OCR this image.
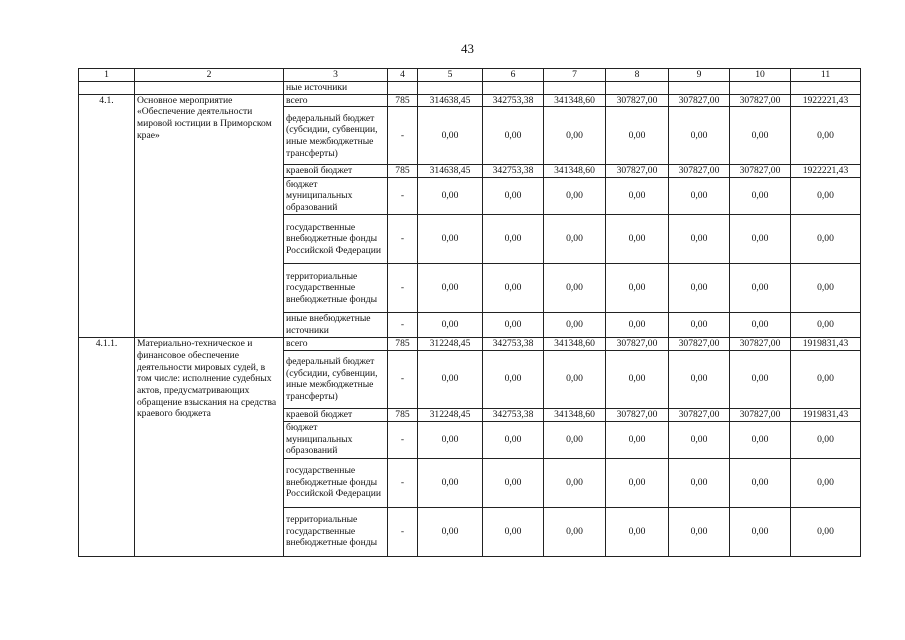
43
1	2	3	4	5	6	7	8	9	10	11
		ные источники								
4.1.	Основное мероприятие «Обеспечение деятельности мировой юстиции в Приморском крае»	всего	785	314638,45	342753,38	341348,60	307827,00	307827,00	307827,00	1922221,43
		федеральный бюджет (субсидии, субвенции, иные межбюджетные трансферты)	-	0,00	0,00	0,00	0,00	0,00	0,00	0,00
		краевой бюджет	785	314638,45	342753,38	341348,60	307827,00	307827,00	307827,00	1922221,43
		бюджет муниципальных образований	-	0,00	0,00	0,00	0,00	0,00	0,00	0,00
		государственные внебюджетные фонды Российской Федерации	-	0,00	0,00	0,00	0,00	0,00	0,00	0,00
		территориальные государственные внебюджетные фонды	-	0,00	0,00	0,00	0,00	0,00	0,00	0,00
		иные внебюджетные источники	-	0,00	0,00	0,00	0,00	0,00	0,00	0,00
4.1.1.	Материально-техническое и финансовое обеспечение деятельности мировых судей, в том числе: исполнение судебных актов, предусматривающих обращение взыскания на средства краевого бюджета	всего	785	312248,45	342753,38	341348,60	307827,00	307827,00	307827,00	1919831,43
		федеральный бюджет (субсидии, субвенции, иные межбюджетные трансферты)	-	0,00	0,00	0,00	0,00	0,00	0,00	0,00
		краевой бюджет	785	312248,45	342753,38	341348,60	307827,00	307827,00	307827,00	1919831,43
		бюджет муниципальных образований	-	0,00	0,00	0,00	0,00	0,00	0,00	0,00
		государственные внебюджетные фонды Российской Федерации	-	0,00	0,00	0,00	0,00	0,00	0,00	0,00
		территориальные государственные внебюджетные фонды	-	0,00	0,00	0,00	0,00	0,00	0,00	0,00
